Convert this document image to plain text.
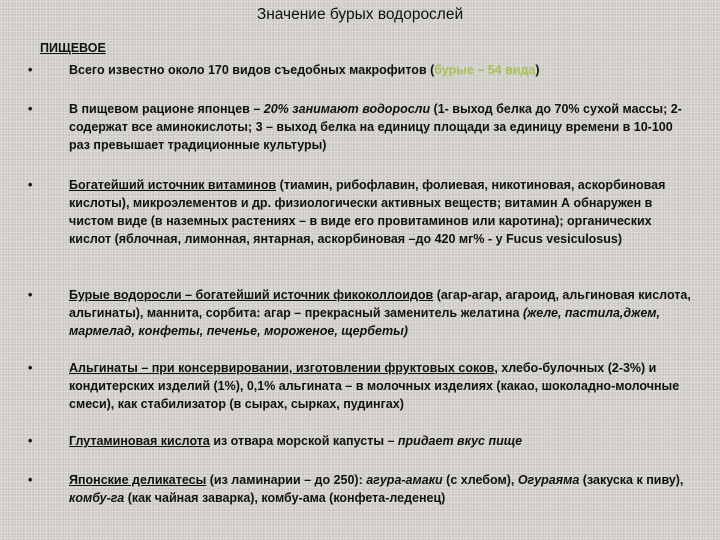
Значение бурых водорослей
ПИЩЕВОЕ
•	Всего известно около 170 видов съедобных макрофитов (бурые – 54 вида)
•	В пищевом рационе японцев – 20% занимают водоросли (1- выход белка до 70% сухой массы; 2- содержат все аминокислоты; 3 – выход белка на единицу площади за единицу времени в 10-100 раз превышает традиционные культуры)
•	Богатейший источник витаминов (тиамин, рибофлавин, фолиевая, никотиновая, аскорбиновая кислоты), микроэлементов и др. физиологически активных веществ; витамин А обнаружен в чистом виде (в наземных растениях – в виде его провитаминов или каротина); органических кислот (яблочная, лимонная, янтарная, аскорбиновая –до 420 мг% - у Fucus vesiculosus)
•	Бурые водоросли – богатейший источник фикоколлоидов (агар-агар, агароид, альгиновая кислота, альгинаты), маннита, сорбита: агар – прекрасный заменитель желатина (желе, пастила,джем, мармелад, конфеты, печенье, мороженое, щербеты)
•	Альгинаты – при консервировании, изготовлении фруктовых соков, хлебо-булочных (2-3%) и кондитерских изделий (1%), 0,1% альгината – в молочных изделиях (какао, шоколадно-молочные смеси), как стабилизатор (в сырах, сырках, пудингах)
•	Глутаминовая кислота из отвара морской капусты – придает вкус пище
•	Японские деликатесы (из ламинарии – до 250): агура-амаки (с хлебом), Огураяма (закуска к пиву), комбу-га (как чайная заварка), комбу-ама (конфета-леденец)
